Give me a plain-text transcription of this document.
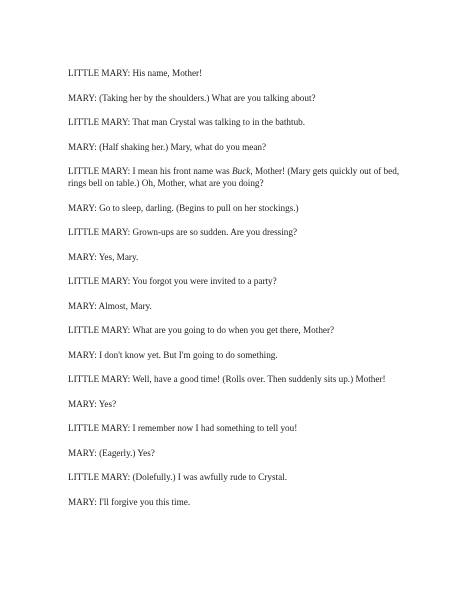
LITTLE MARY: His name, Mother!

MARY: (Taking her by the shoulders.) What are you talking about?

LITTLE MARY: That man Crystal was talking to in the bathtub.

MARY: (Half shaking her.) Mary, what do you mean?

LITTLE MARY: I mean his front name was Buck, Mother! (Mary gets quickly out of bed, rings bell on table.) Oh, Mother, what are you doing?

MARY: Go to sleep, darling. (Begins to pull on her stockings.)

LITTLE MARY: Grown-ups are so sudden. Are you dressing?

MARY: Yes, Mary.

LITTLE MARY: You forgot you were invited to a party?

MARY: Almost, Mary.

LITTLE MARY: What are you going to do when you get there, Mother?

MARY: I don't know yet. But I'm going to do something.

LITTLE MARY: Well, have a good time! (Rolls over. Then suddenly sits up.) Mother!

MARY: Yes?

LITTLE MARY: I remember now I had something to tell you!

MARY: (Eagerly.) Yes?

LITTLE MARY: (Dolefully.) I was awfully rude to Crystal.

MARY: I'll forgive you this time.
